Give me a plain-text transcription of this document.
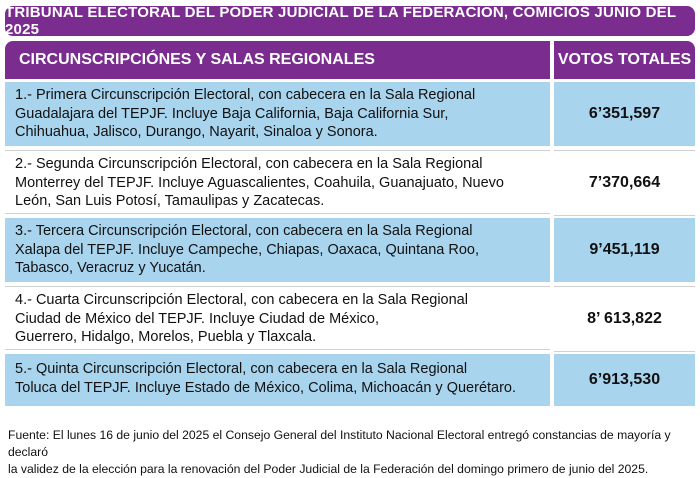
TRIBUNAL ELECTORAL DEL PODER JUDICIAL DE LA FEDERACIÓN, COMICIOS JUNIO DEL 2025
CIRCUNSCRIPCIÓNES Y SALAS REGIONALES	VOTOS TOTALES
1.- Primera Circunscripción Electoral, con cabecera en la Sala Regional
Guadalajara del TEPJF. Incluye Baja California, Baja California Sur,
Chihuahua, Jalisco, Durango, Nayarit, Sinaloa y Sonora.
6’351,597
2.- Segunda Circunscripción Electoral, con cabecera en la Sala Regional
Monterrey del TEPJF. Incluye Aguascalientes, Coahuila, Guanajuato, Nuevo
León, San Luis Potosí, Tamaulipas y Zacatecas.
7’370,664
3.- Tercera Circunscripción Electoral, con cabecera en la Sala Regional
Xalapa del TEPJF. Incluye Campeche, Chiapas, Oaxaca, Quintana Roo,
Tabasco, Veracruz y Yucatán.
9’451,119
4.- Cuarta Circunscripción Electoral, con cabecera en la Sala Regional
Ciudad de México del TEPJF. Incluye Ciudad de México,
Guerrero, Hidalgo, Morelos, Puebla y Tlaxcala.
8’ 613,822
5.- Quinta Circunscripción Electoral, con cabecera en la Sala Regional
Toluca del TEPJF. Incluye Estado de México, Colima, Michoacán y Querétaro.	6’913,530
Fuente: El lunes 16 de junio del 2025 el Consejo General del Instituto Nacional Electoral entregó constancias de mayoría y declaró
la validez de la elección para la renovación del Poder Judicial de la Federación del domingo primero de junio del 2025.
